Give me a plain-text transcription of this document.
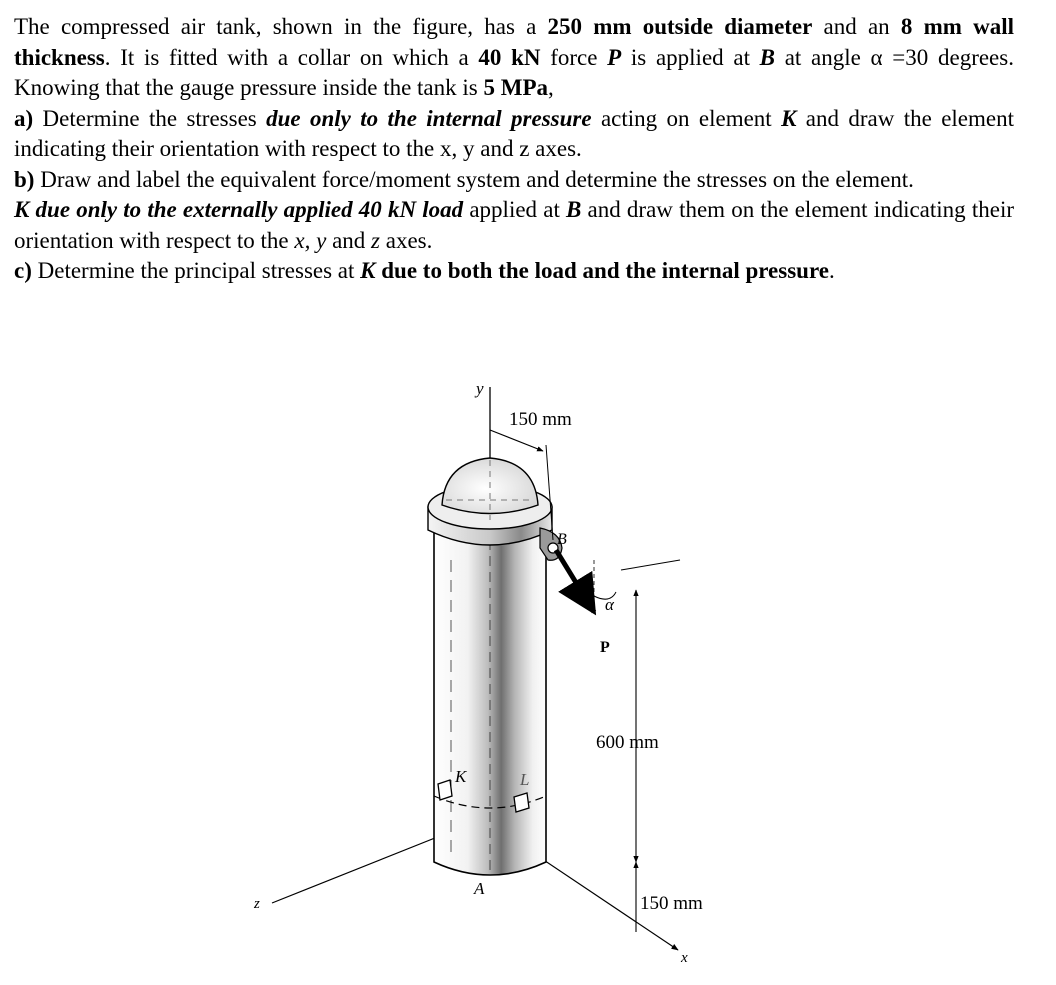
The compressed air tank, shown in the figure, has a 250 mm outside diameter and an 8 mm wall thickness. It is fitted with a collar on which a 40 kN force P is applied at B at angle α =30 degrees. Knowing that the gauge pressure inside the tank is 5 MPa,

a) Determine the stresses due only to the internal pressure acting on element K and draw the element indicating their orientation with respect to the x, y and z axes.

b) Draw and label the equivalent force/moment system and determine the stresses on the element.
K due only to the externally applied 40 kN load applied at B and draw them on the element indicating their orientation with respect to the x, y and z axes.

c) Determine the principal stresses at K due to both the load and the internal pressure.

y
150 mm
B
α
P
600 mm
K	L
A
150 mm
z
x
